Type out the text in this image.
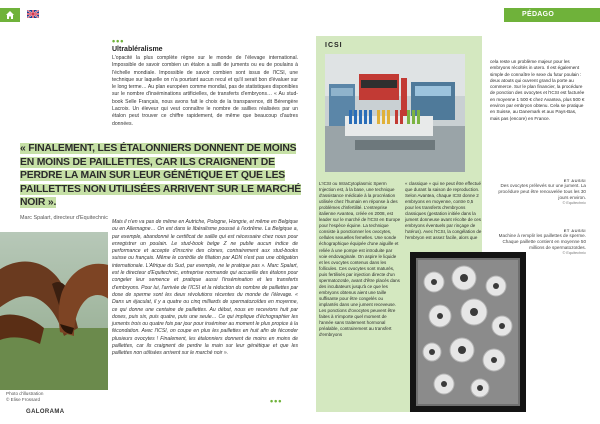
PÉDAGO
•••
Ultrabléralisme

L'opacité la plus complète règne sur le monde de l'élevage international. Impossible de savoir combien un étalon a sailli de juments ou eu de poulains à l'échelle mondiale. Impossible de savoir combien sont issus de l'ICSI, une technique sur laquelle on n'a pourtant aucun recul et qu'il serait bon d'évaluer sur le long terme… Au plan européen comme mondial, pas de statistiques disponibles sur le nombre d'inséminations artificielles, de transferts d'embryons… « Au stud-book Selle Français, nous avons fait le choix de la transparence, dit Bérengère Lacroix. Un éleveur qui veut connaître le nombre de saillies réalisées par un étalon peut trouver ce chiffre rapidement, de même que beaucoup d'autres données.

« FINALEMENT, LES ÉTALONNIERS DONNENT DE MOINS EN MOINS DE PAILLETTES, CAR ILS CRAIGNENT DE PERDRE LA MAIN SUR LEUR GÉNÉTIQUE ET QUE LES PAILLETTES NON UTILISÉES ARRIVENT SUR LE MARCHÉ NOIR ».
Marc Spalart, directeur d'Equitechnic
Photo d'illustration
© Elise Frossard

Mais il n'en va pas de même en Autriche, Pologne, Hongrie, et même en Belgique ou en Allemagne… On est dans le libéralisme poussé à l'extrême. La Belgique a, par exemple, abandonné le certificat de saillie qui est nécessaire chez nous pour enregistrer un poulain. Le stud-book belge Z ne publie aucun indice de performance et accepte d'inscrire des clones, contrairement aux stud-books suisse ou français. Même le contrôle de filiation par ADN n'est pas une obligation internationale. L'Afrique du Sud, par exemple, ne le pratique pas ». Marc Spalart, est le directeur d'Equitechnic, entreprise normande qui accueille des étalons pour congeler leur semence et pratique aussi l'insémination et les transferts d'embryons. Pour lui, l'arrivée de l'ICSI et la réduction du nombre de paillettes par dose de sperme sont les deux révolutions récentes du monde de l'élevage. « Dans un éjaculat, il y a quatre ou cinq milliards de spermatozoïdes en moyenne, ce qui donne une centaine de paillettes. Au début, nous en recevions huit par doses, puis six, puis quatre, puis une seule… Ce qui implique d'échographier les juments trois ou quatre fois par jour pour inséminer au moment le plus propice à la fécondation. Avec l'ICSI, on coupe en plus les paillettes en huit afin de féconder plusieurs ovocytes ! Finalement, les étalonniers donnent de moins en moins de paillettes, car ils craignent de perdre la main sur leur génétique et que les paillettes non utilisées arrivent sur le marché noir ».

•••
GALORAMA
ICSI

L'ICSI ou IntraCytoplasmic Sperm Injection est, à la base, une technique d'assistance médicale à la procréation utilisée chez l'humain en réponse à des problèmes d'infertilité. L'entreprise italienne Avantea, créée en 2008, est leader sur le marché de l'ICSI en Europe pour l'espèce équine. La technique consiste à ponctionner les ovocytes, cellules sexuelles femelles. Une sonde échographique équipée d'une aiguille et reliée à une pompe est introduite par voie endovaginale. On aspire le liquide et les ovocytes contenus dans les follicules. Ces ovocytes sont maturés, puis fertilisés par injection directe d'un spermatozoïde, avant d'être placés dans des incubateurs jusqu'à ce que les embryons obtenus aient une taille suffisante pour être congelés ou implantés dans une jument receveuse. Les ponctions d'ovocytes peuvent être faites à n'importe quel moment de l'année sans traitement hormonal préalable, contrairement au transfert d'embryons

« classique » qui ne peut être effectué que durant la saison de reproduction. Selon Avantea, chaque ICSI donne 2 embryons en moyenne, contre 0,5 pour les transferts d'embryons classiques (gestation initiée dans la jument donneuse avant récolte de ces embryons éventuels par rinçage de l'utérus). Avec l'ICSI, la congélation de l'embryon est assez facile, alors que

cela reste un problème majeur pour les embryons récoltés in utero. Il est également simple de connaître le sexe du futur poulain : deux atouts qui ouvrent grand la porte au commerce. Sur le plan financier, la procédure de ponction des ovocytes et l'ICSI est facturée en moyenne 1 500 € chez Avantea, plus 500 € environ par embryon obtenu. Cela se pratique en Suisse, au Danemark et aux Pays-Bas, mais pas (encore) en France.

ET AUSSI
Des ovocytes prélevés sur une jument. La procédure peut être renouvelée tous les 30 jours environ.
© Equitechnic
ET AUSSI
Machine à remplir les paillettes de sperme. Chaque paillette contient en moyenne 50 millions de spermatozoïdes.
© Equitechnic
